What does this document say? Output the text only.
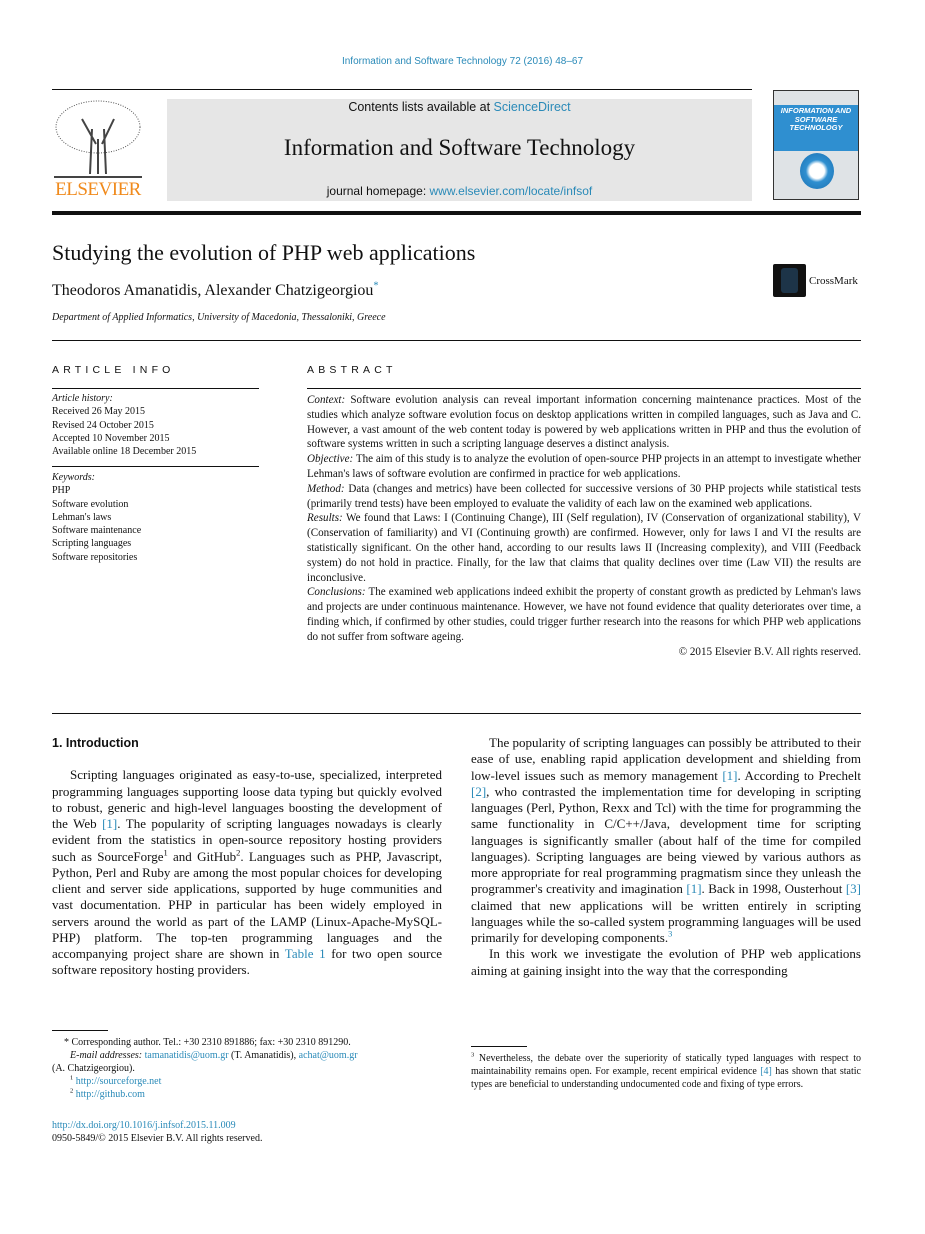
Information and Software Technology 72 (2016) 48–67
ELSEVIER
Contents lists available at ScienceDirect
Information and Software Technology
journal homepage: www.elsevier.com/locate/infsof
INFORMATION AND SOFTWARE TECHNOLOGY
Studying the evolution of PHP web applications
Theodoros Amanatidis, Alexander Chatzigeorgiou*
Department of Applied Informatics, University of Macedonia, Thessaloniki, Greece
CrossMark
ARTICLE INFO	ABSTRACT
Article history:
Received 26 May 2015
Revised 24 October 2015
Accepted 10 November 2015
Available online 18 December 2015
Keywords:
PHP
Software evolution
Lehman's laws
Software maintenance
Scripting languages
Software repositories

Context: Software evolution analysis can reveal important information concerning maintenance practices. Most of the studies which analyze software evolution focus on desktop applications written in compiled languages, such as Java and C. However, a vast amount of the web content today is powered by web applications written in PHP and thus the evolution of software systems written in such a scripting language deserves a distinct analysis.

Objective: The aim of this study is to analyze the evolution of open-source PHP projects in an attempt to investigate whether Lehman's laws of software evolution are confirmed in practice for web applications.

Method: Data (changes and metrics) have been collected for successive versions of 30 PHP projects while statistical tests (primarily trend tests) have been employed to evaluate the validity of each law on the examined web applications.

Results: We found that Laws: I (Continuing Change), III (Self regulation), IV (Conservation of organizational stability), V (Conservation of familiarity) and VI (Continuing growth) are confirmed. However, only for laws I and VI the results are statistically significant. On the other hand, according to our results laws II (Increasing complexity), and VIII (Feedback system) do not hold in practice. Finally, for the law that claims that quality declines over time (Law VII) the results are inconclusive.

Conclusions: The examined web applications indeed exhibit the property of constant growth as predicted by Lehman's laws and projects are under continuous maintenance. However, we have not found evidence that quality deteriorates over time, a finding which, if confirmed by other studies, could trigger further research into the reasons for which PHP web applications do not suffer from software ageing.

© 2015 Elsevier B.V. All rights reserved.

1. Introduction

Scripting languages originated as easy-to-use, specialized, interpreted programming languages supporting loose data typing but quickly evolved to robust, generic and high-level languages boosting the development of the Web [1]. The popularity of scripting languages nowadays is clearly evident from the statistics in open-source repository hosting providers such as SourceForge$^1$ and GitHub$^2$. Languages such as PHP, Javascript, Python, Perl and Ruby are among the most popular choices for developing client and server side applications, supported by huge communities and vast documentation. PHP in particular has been widely employed in servers around the world as part of the LAMP (Linux-Apache-MySQL-PHP) platform. The top-ten programming languages and the accompanying project share are shown in Table 1 for two open source software repository hosting providers.

The popularity of scripting languages can possibly be attributed to their ease of use, enabling rapid application development and shielding from low-level issues such as memory management [1]. According to Prechelt [2], who contrasted the implementation time for developing in scripting languages (Perl, Python, Rexx and Tcl) with the time for programming the same functionality in C/C++/Java, development time for scripting languages is significantly smaller (about half of the time for compiled languages). Scripting languages are being viewed by various authors as more appropriate for real programming pragmatism since they unleash the programmer's creativity and imagination [1]. Back in 1998, Ousterhout [3] claimed that new applications will be written entirely in scripting languages while the so-called system programming languages will be used primarily for developing components.$^3$

In this work we investigate the evolution of PHP web applications aiming at gaining insight into the way that the corresponding

* Corresponding author. Tel.: +30 2310 891886; fax: +30 2310 891290.

E-mail addresses: tamanatidis@uom.gr (T. Amanatidis), achat@uom.gr

(A. Chatzigeorgiou).

$^1$ http://sourceforge.net

$^2$ http://github.com

$^3$ Nevertheless, the debate over the superiority of statically typed languages with respect to maintainability remains open. For example, recent empirical evidence [4] has shown that static types are beneficial to understanding undocumented code and fixing of type errors.

http://dx.doi.org/10.1016/j.infsof.2015.11.009

0950-5849/© 2015 Elsevier B.V. All rights reserved.
